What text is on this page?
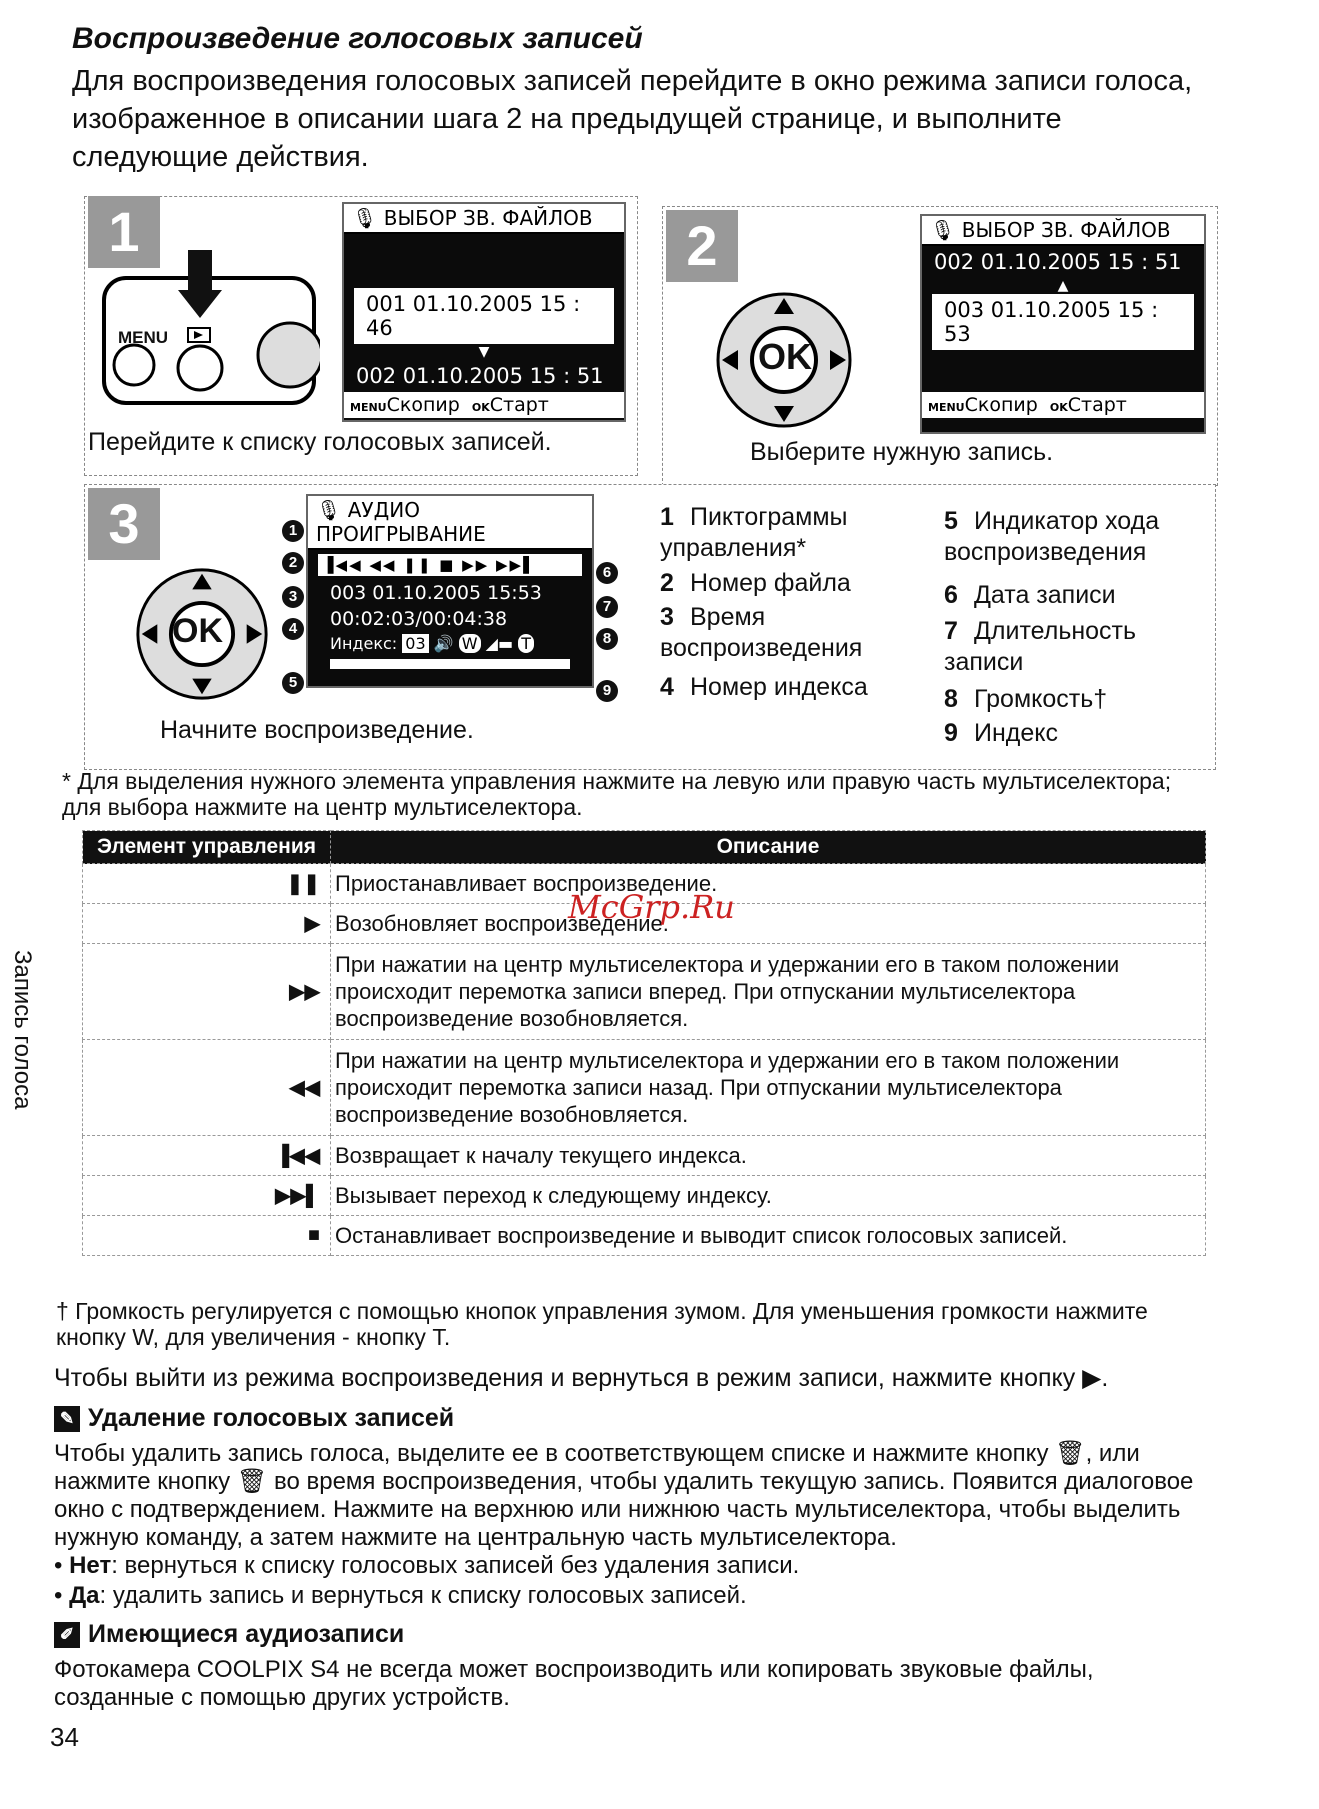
Воспроизведение голосовых записей
Для воспроизведения голосовых записей перейдите в окно режима записи голоса, изображенное в описании шага 2 на предыдущей странице, и выполните следующие действия.
1
MENU
🎙 ВЫБОР ЗВ. ФАЙЛОВ
001 01.10.2005 15 : 46
▼
002 01.10.2005 15 : 51
MENUСкопир OKСтарт
Перейдите к списку голосовых записей.
2
OK
🎙 ВЫБОР ЗВ. ФАЙЛОВ
002 01.10.2005 15 : 51
▲
003 01.10.2005 15 : 53
MENUСкопир OKСтарт
Выберите нужную запись.
3
OK
🎙 АУДИО ПРОИГРЫВАНИЕ
▐◀◀ ◀◀ ❚❚ ■ ▶▶ ▶▶▌
003 01.10.2005 15:53
00:02:03/00:04:38
Индекс: 03 🔊 W ◢▬ T
1
2
3
4
5
6
7
8
9
Начните воспроизведение.
1 Пиктограммы управления*
2 Номер файла
3 Время воспроизведения
4 Номер индекса
5 Индикатор хода воспроизведения
6 Дата записи
7 Длительность записи
8 Громкость†
9 Индекс
* Для выделения нужного элемента управления нажмите на левую или правую часть мультиселектора; для выбора нажмите на центр мультиселектора.
Элемент управления	Описание
❚❚	Приостанавливает воспроизведение.
▶	Возобновляет воспроизведение.
▶▶	При нажатии на центр мультиселектора и удержании его в таком положении происходит перемотка записи вперед. При отпускании мультиселектора воспроизведение возобновляется.
◀◀	При нажатии на центр мультиселектора и удержании его в таком положении происходит перемотка записи назад. При отпускании мультиселектора воспроизведение возобновляется.
▐◀◀	Возвращает к началу текущего индекса.
▶▶▌	Вызывает переход к следующему индексу.
■	Останавливает воспроизведение и выводит список голосовых записей.
McGrp.Ru
† Громкость регулируется с помощью кнопок управления зумом. Для уменьшения громкости нажмите кнопку W, для увеличения - кнопку T.
Чтобы выйти из режима воспроизведения и вернуться в режим записи, нажмите кнопку ▶.
✎ Удаление голосовых записей
Чтобы удалить запись голоса, выделите ее в соответствующем списке и нажмите кнопку 🗑, или нажмите кнопку 🗑 во время воспроизведения, чтобы удалить текущую запись. Появится диалоговое окно с подтверждением. Нажмите на верхнюю или нижнюю часть мультиселектора, чтобы выделить нужную команду, а затем нажмите на центральную часть мультиселектора.
• Нет: вернуться к списку голосовых записей без удаления записи.
• Да: удалить запись и вернуться к списку голосовых записей.
✐ Имеющиеся аудиозаписи
Фотокамера COOLPIX S4 не всегда может воспроизводить или копировать звуковые файлы, созданные с помощью других устройств.
34
Запись голоса
